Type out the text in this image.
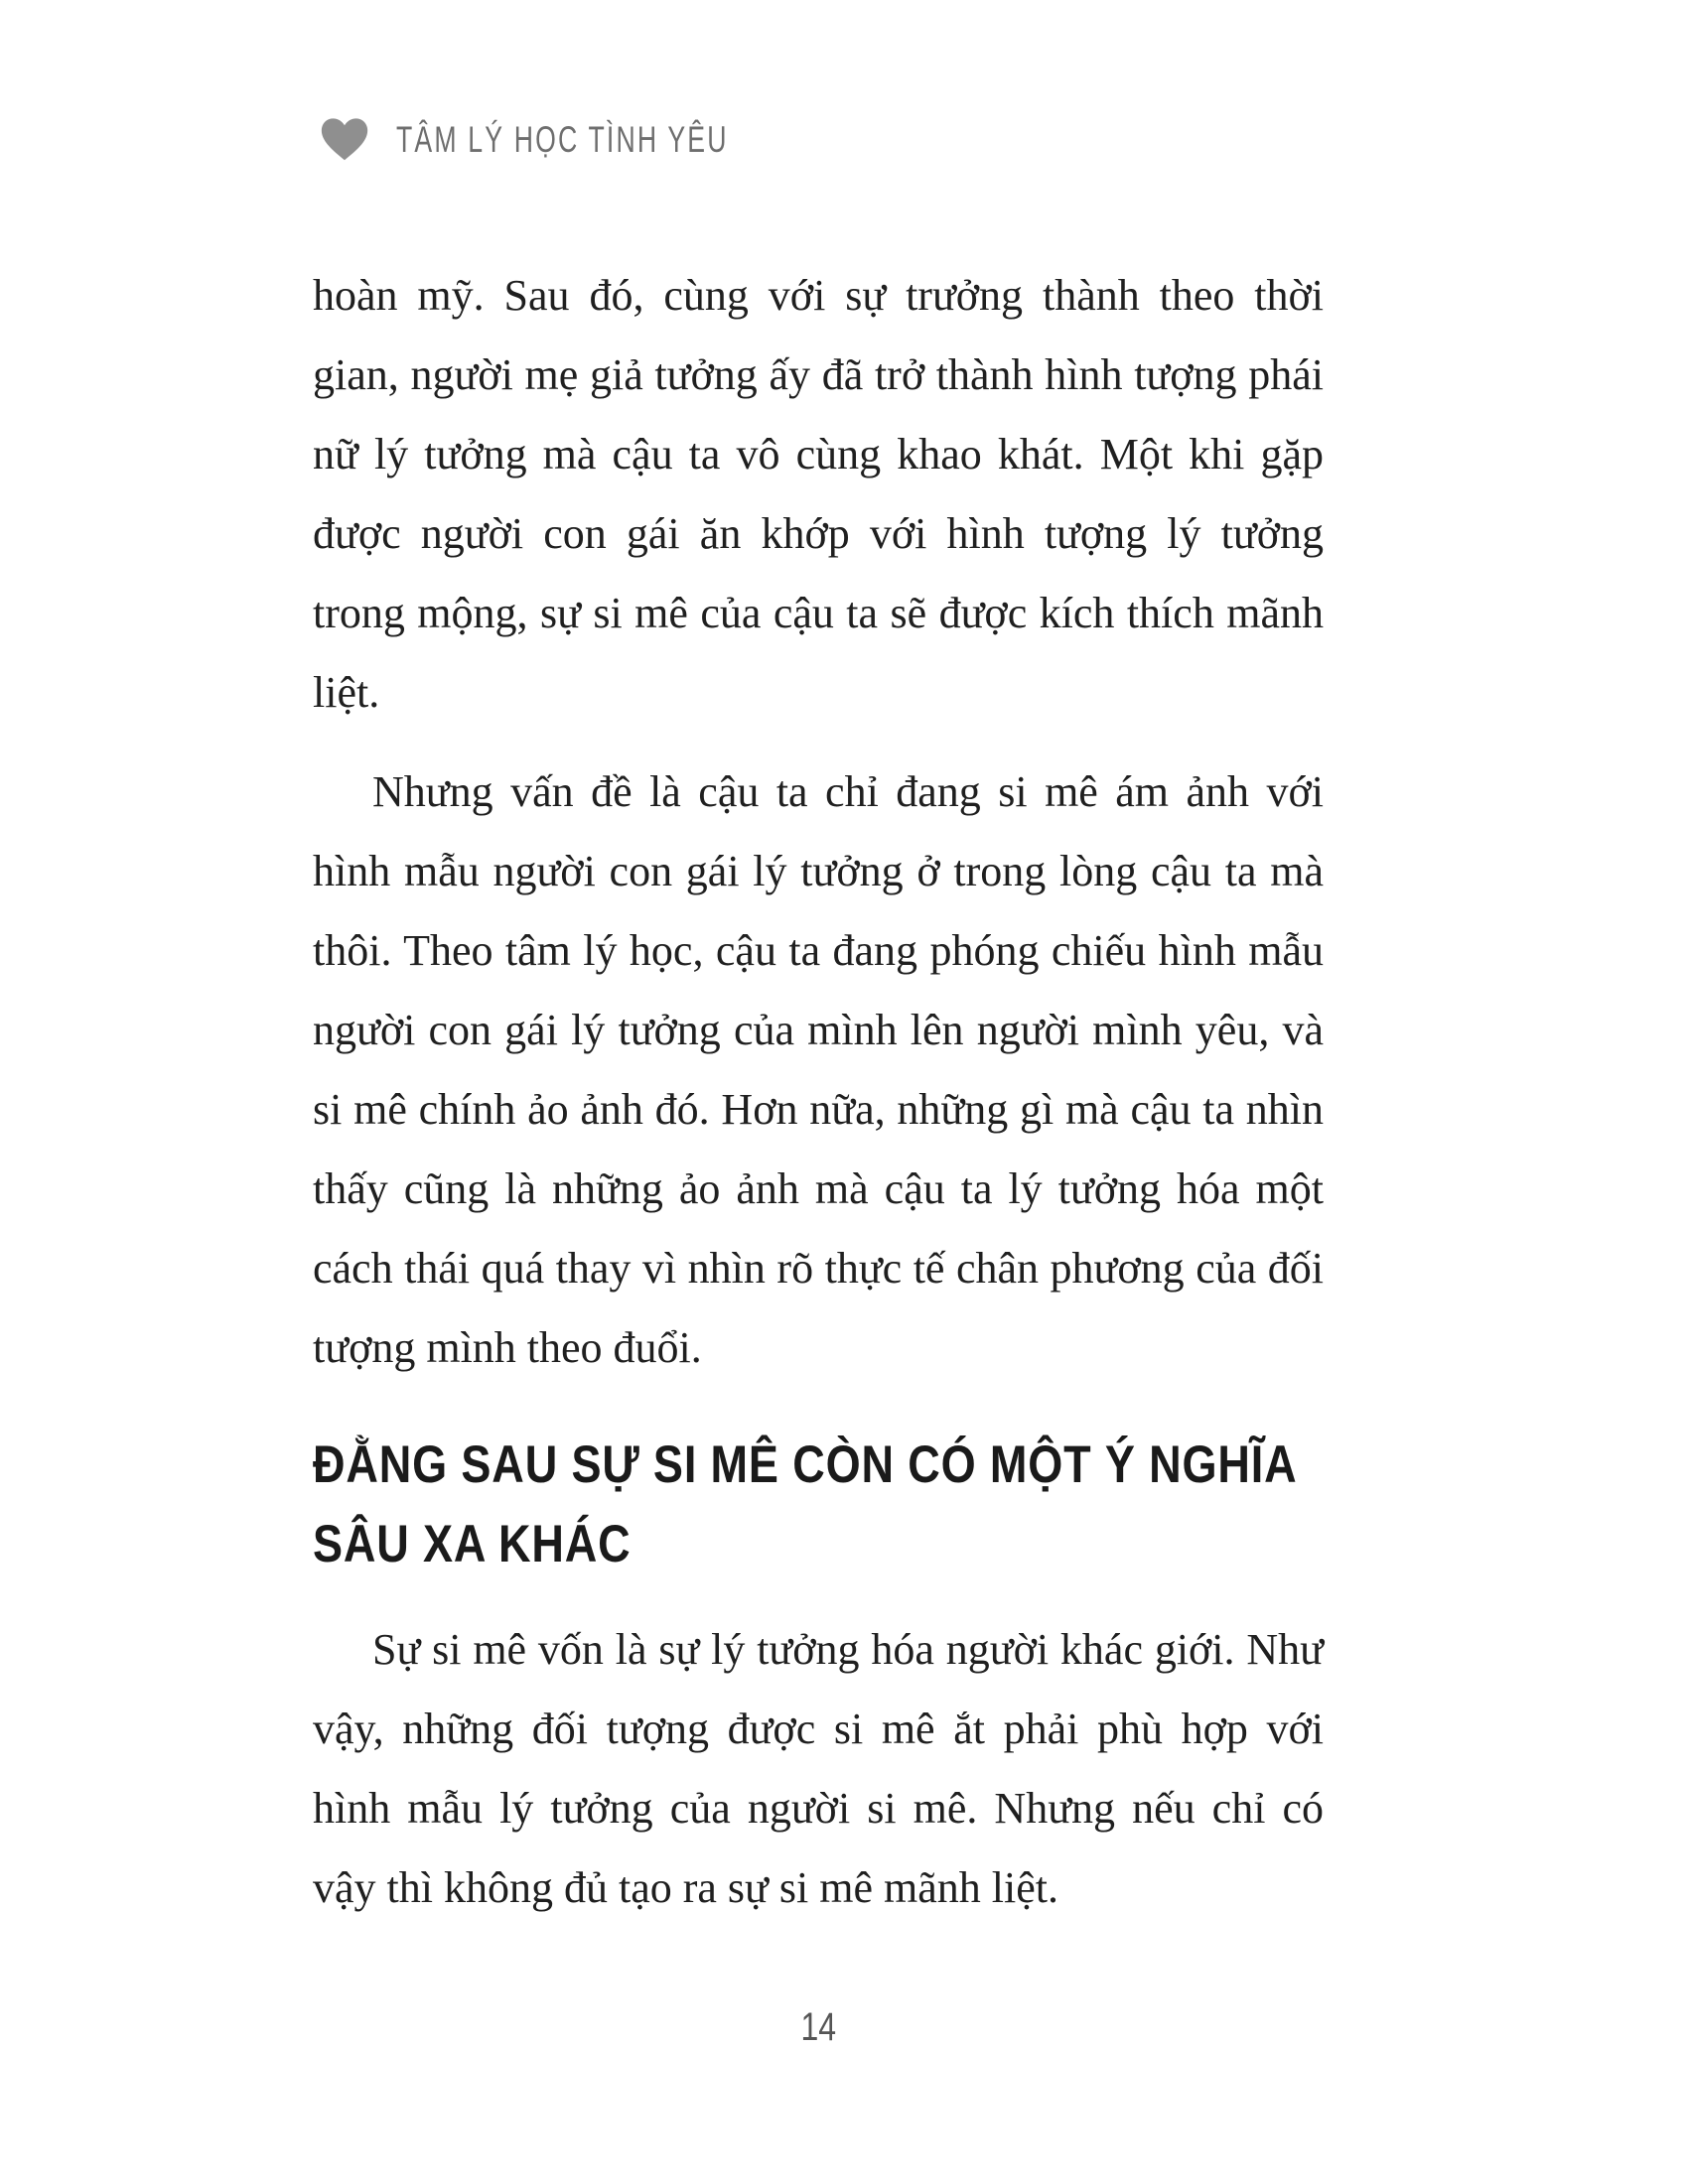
TÂM LÝ HỌC TÌNH YÊU

hoàn mỹ. Sau đó, cùng với sự trưởng thành theo thời gian, người mẹ giả tưởng ấy đã trở thành hình tượng phái nữ lý tưởng mà cậu ta vô cùng khao khát. Một khi gặp được người con gái ăn khớp với hình tượng lý tưởng trong mộng, sự si mê của cậu ta sẽ được kích thích mãnh liệt.

Nhưng vấn đề là cậu ta chỉ đang si mê ám ảnh với hình mẫu người con gái lý tưởng ở trong lòng cậu ta mà thôi. Theo tâm lý học, cậu ta đang phóng chiếu hình mẫu người con gái lý tưởng của mình lên người mình yêu, và si mê chính ảo ảnh đó. Hơn nữa, những gì mà cậu ta nhìn thấy cũng là những ảo ảnh mà cậu ta lý tưởng hóa một cách thái quá thay vì nhìn rõ thực tế chân phương của đối tượng mình theo đuổi.

ĐẰNG SAU SỰ SI MÊ CÒN CÓ MỘT Ý NGHĨA
SÂU XA KHÁC

Sự si mê vốn là sự lý tưởng hóa người khác giới. Như vậy, những đối tượng được si mê ắt phải phù hợp với hình mẫu lý tưởng của người si mê. Nhưng nếu chỉ có vậy thì không đủ tạo ra sự si mê mãnh liệt.

14
